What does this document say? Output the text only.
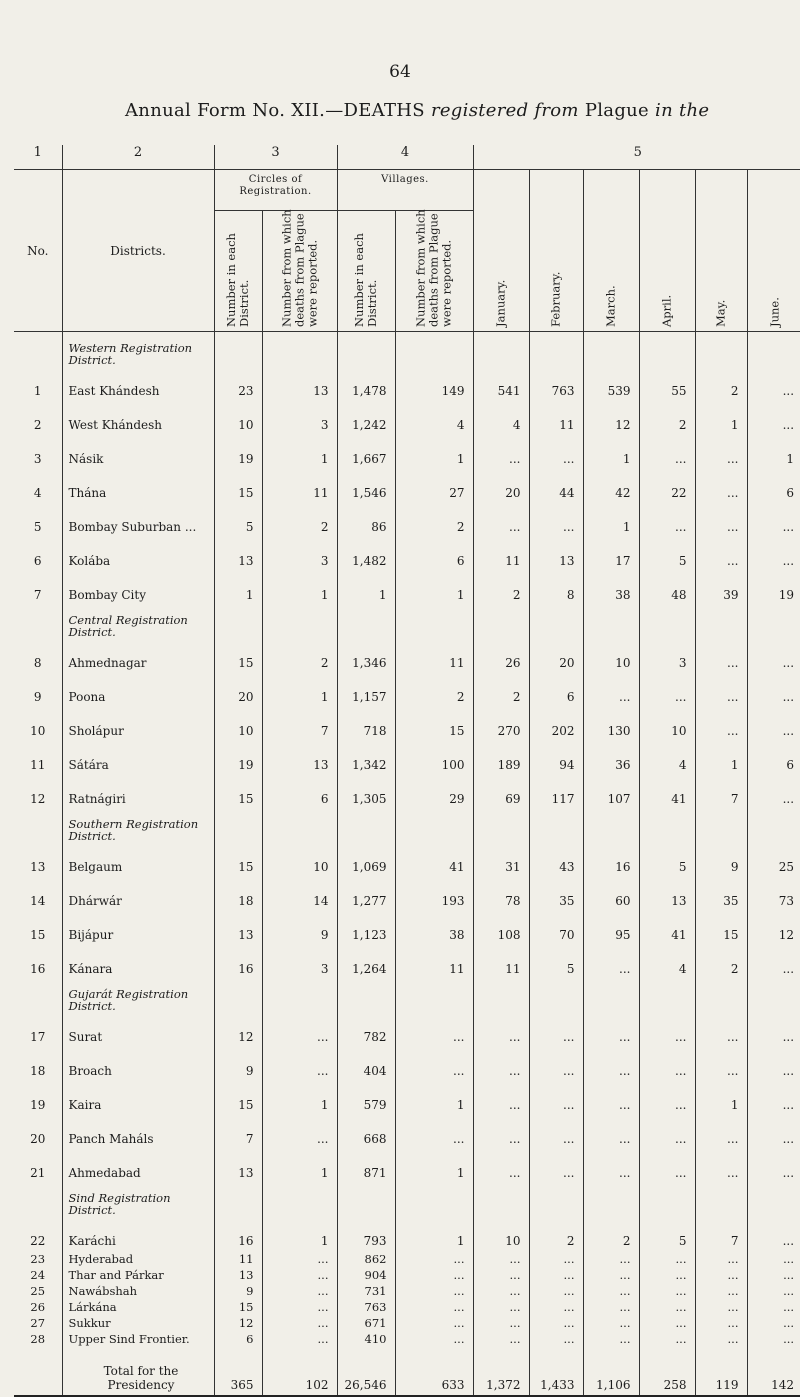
64
Annual Form No. XII.—DEATHS registered from Plague in the
1	2	3		4		5					
No.	Districts.	Circles of Registration.		Villages.		January.	February.	March.	April.	May.	June.

		Number in each District.	Number from which deaths from Plague were reported.	Number in each District.	Number from which deaths from Plague were reported.						

	Western Registration District.										
1	East Khándesh	23	13	1,478	149	541	763	539	55	2	...
2	West Khándesh	10	3	1,242	4	4	11	12	2	1	...
3	Násik	19	1	1,667	1	...	...	1	...	...	1
4	Thána	15	11	1,546	27	20	44	42	22	...	6
5	Bombay Suburban ...	5	2	86	2	...	...	1	...	...	...
6	Kolába	13	3	1,482	6	11	13	17	5	...	...
7	Bombay City	1	1	1	1	2	8	38	48	39	19
	Central Registration District.										
8	Ahmednagar	15	2	1,346	11	26	20	10	3	...	...
9	Poona	20	1	1,157	2	2	6	...	...	...	...
10	Sholápur	10	7	718	15	270	202	130	10	...	...
11	Sátára	19	13	1,342	100	189	94	36	4	1	6
12	Ratnágiri	15	6	1,305	29	69	117	107	41	7	...
	Southern Registration District.										
13	Belgaum	15	10	1,069	41	31	43	16	5	9	25
14	Dhárwár	18	14	1,277	193	78	35	60	13	35	73
15	Bijápur	13	9	1,123	38	108	70	95	41	15	12
16	Kánara	16	3	1,264	11	11	5	...	4	2	...
	Gujarát Registration District.										
17	Surat	12	...	782	...	...	...	...	...	...	...
18	Broach	9	...	404	...	...	...	...	...	...	...
19	Kaira	15	1	579	1	...	...	...	...	1	...
20	Panch Maháls	7	...	668	...	...	...	...	...	...	...
21	Ahmedabad	13	1	871	1	...	...	...	...	...	...
	Sind Registration District.										
22	Karáchi	16	1	793	1	10	2	2	5	7	...
23	Hyderabad	11	...	862	...	...	...	...	...	...	...
24	Thar and Párkar	13	...	904	...	...	...	...	...	...	...
25	Nawábshah	9	...	731	...	...	...	...	...	...	...
26	Lárkána	15	...	763	...	...	...	...	...	...	...
27	Sukkur	12	...	671	...	...	...	...	...	...	...
28	Upper Sind Frontier.	6	...	410	...	...	...	...	...	...	...
	Total for the Presidency	365	102	26,546	633	1,372	1,433	1,106	258	119	142
